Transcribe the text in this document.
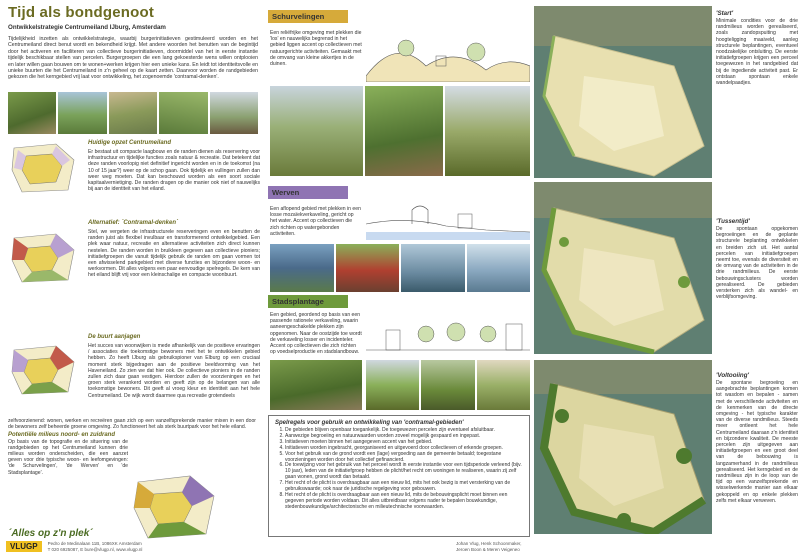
Tijd als bondgenoot
Ontwikkelstrategie Centrumeiland IJburg, Amsterdam
Tijdelijkheid inzetten als ontwikkelstrategie, waarbij burgerinitiatieven gestimuleerd worden en het Centrumeiland direct benut wordt en bekendheid krijgt. Met andere woorden het benutten van de begintijd door het activeren en faciliteren van collectieve burgerinitiatieven, doormiddel van het in eerste instantie tijdelijk beschikbaar stellen van percelen. Burgergroepen die een lang gekoesterde wens willen ontplooien en later willen gaan bouwen om te wonen+werken krijgen hier een unieke kans. En leidt tot identiteitsvolle en unieke buurten die het Centrumeiland in z'n geheel op de kaart zetten. Daarvoor worden de randgebieden gekozen die het kerngebied vrij laat voor ontwikkeling, het zogenoemde 'contramal-denken'.
Huidige opzet Centrumeiland
Er bestaat uit compacte laagbouw en de randen dienen als reservering voor infrastructuur en tijdelijke functies zoals natuur & recreatie. Dat betekent dat deze randen voorlopig niet definitief ingericht worden en in de toekomst (na 10 of 15 jaar?) weer op de schop gaan. Ook tijdelijk en vullingen zullen dan weer weg moeten. Dat kan beschouwd worden als een soort sociale kapitaalvernietiging. De randen dragen op die manier ook niet of nauwelijks bij aan de identiteit van het eiland.
Alternatief: `Contramal-denken`
Stel, we vergeten de infrastructurele reserveringen even en benutten de randen juist als flexibel invulbaar en transformerend ontwikkelgebied. Een plek waar natuur, recreatie en alternatieve activiteiten zich direct kunnen nestelen. De randen worden in bruikleen gegeven aan collectieve pioniers; initiatiefgroepen die vanuit tijdelijk gebruik de randen om gaan vormen tot een afwisselend parkgebied met diverse functies en bijzondere woon- en werkvormen. Dit alles volgens een paar eenvoudige spelregels. De kern van het eiland blijft vrij voor een kleinschalige en compacte woonbuurt.
De buurt aanjagen
Het succes van woonwijken is mede afhankelijk van de positieve ervaringen / associaties die toekomstige bewoners met het te ontwikkelen gebied hebben. Zo heeft IJburg als gebruikspioner van Elburg op een cruciaal moment sterk bijgedragen aan de positieve beeldvorming van het Haveneiland. Zo zien we dat hier ook. De collectieve pioniers in de randen zullen zich daar gaan vestigen. Hierdoor zullen de voorzieningen en het groen sterk verankerd worden en geeft zijn op de belangen van alle toekomstige bewoners. Dit geeft al vroeg kleur en identiteit aan het hele Centrumeiland. De wijk wordt daarmee qua recreatie grotendeels
zelfvoorzienend: wonen, werken en recreëren gaan zich op een vanzelfsprekende manier mixen in een door de bewoners zelf beheerde groene omgeving. Zo functioneert het als sterk buurtpark voor het hele eiland.
Potentiële milieus noord- en zuidrand
Op basis van de topografie en de situering van de randgebieden op het Centrumeiland kunnen drie milieus worden onderscheiden, die een aanzet geven voor drie typische woon- en leefomgevingen: 'de Schurvelingen', 'de Werven' en 'de Stadsplantage'.
´Alles op z'n plek´
Schurvelingen
Een reliëfrijke omgeving met plekken die 'los' en nauwelijks begrensd in het gebied liggen accent op collectieven met natuurgerichte activiteiten. Gemaakt met de omvang van kleine akkertjes in de duinen.
Werven
Een aflopend gebied met plekken in een losse mozaïekverkaveling, gericht op het water. Accent op collectieven die zich richten op watergebonden activiteiten.
Stadsplantage
Een gebied, geordend op basis van een passende rationele verkaveling, waarin aaneengeschakelde plekken zijn opgenomen. Naar de oostzijde toe wordt de verkaveling losser en incidenteler. Accent op collectieven die zich richten op voedselproductie en stadslandbouw.
Spelregels voor gebruik en ontwikkeling van 'contramal-gebieden'
1. De gebieden blijven openbaar toegankelijk. De toegewezen percelen zijn eventueel afsluitbaar.
2. Aanwezige begroeiing en natuurwaarden worden zoveel mogelijk gespaard en ingepast.
3. Initiatieven moeten binnen het aangegeven accent van het gebied.
4. Initiatieven worden ingebracht, georganiseerd en uitgevoerd door collectieven of erkende groepen.
5. Voor het gebruik van de grond wordt een (lage) vergoeding aan de gemeente betaald; toegestane voorzieningen worden door het collectief gefinancierd.
6. De toewijzing voor het gebruik van het perceel wordt in eerste instantie voor een tijdsperiode verleend (bijv. 10 jaar), leden van de initiatiefgroep hebben de plicht/het recht om woningen te realiseren, waarin zij zelf gaan wonen, grond wordt dan betaald.
7. Het recht of de plicht is overdraagbaar aan een nieuw lid, mits het ook bezig is met versterking van de gebruikswaarde; ook naar de juridische regelgeving voor gebouwen.
8. Het recht of de plicht is overdraagbaar aan een nieuw lid, mits de bebouwingsplicht moet binnen een gegeven periode worden voldaan. Dit alles uitbreidbaar volgens nader te bepalen bouwkundige, stedenbouwkundige/architectonische en milieutechnische voorwaarden.
VLUGP	Pedro de Medinalaan 11B, 1086XK Amsterdam
T 020 6925087, E bure@vlugp.nl, www.vlugp.nl
Johan Vlug, Henk Schoonmaker,
Jeroen Boon & Meren Veigeneo
'Start'
Minimale condities voor de drie randmilieus worden gerealiseerd, zoals zandopspuiting met hoogteligging maaiveld, aanleg structurele beplantingen, eventueel noodzakelijke ontsluiting. De eerste initiatiefgroepen krijgen een perceel toegewezen in het randgebied dat bij de ingediende activiteit past. Er ontstaan spontaan enkele wandelpaadjes.
'Tussentijd'
De spontaan opgekomen begroeiingen en de geplante structurele beplanting ontwikkelen en breiden zich uit. Het aantal percelen van initiatiefgroepen neemt toe, evenals de diversiteit en de omvang van de activiteiten in de drie randmilieus. De eerste bebouwingsclusters worden gerealiseerd. De gebieden versterken zich als wandel- en verblijfsomgeving.
'Voltooiing'
De spontane begroeiing en aangebrachte beplantingen komen tot wasdom en bepalen - samen met de verschillende activiteiten en de kenmerken van de directe omgeving - het typische karakter van de diverse randmilieus. Steeds meer ontleent het hele Centrumeiland daaraan z'n identiteit en bijzondere kwaliteit. De meeste percelen zijn uitgegeven aan initiatiefgroepen en een groot deel van de bebouwing is langzamerhand in de randmilieus gerealiseerd. Het kerngebied en de randmilieus zijn in de loop van de tijd op een vanzelfsprekende en wisselwerkende manier aan elkaar gekoppeld en op enkele plekken zelfs met elkaar verweven.
